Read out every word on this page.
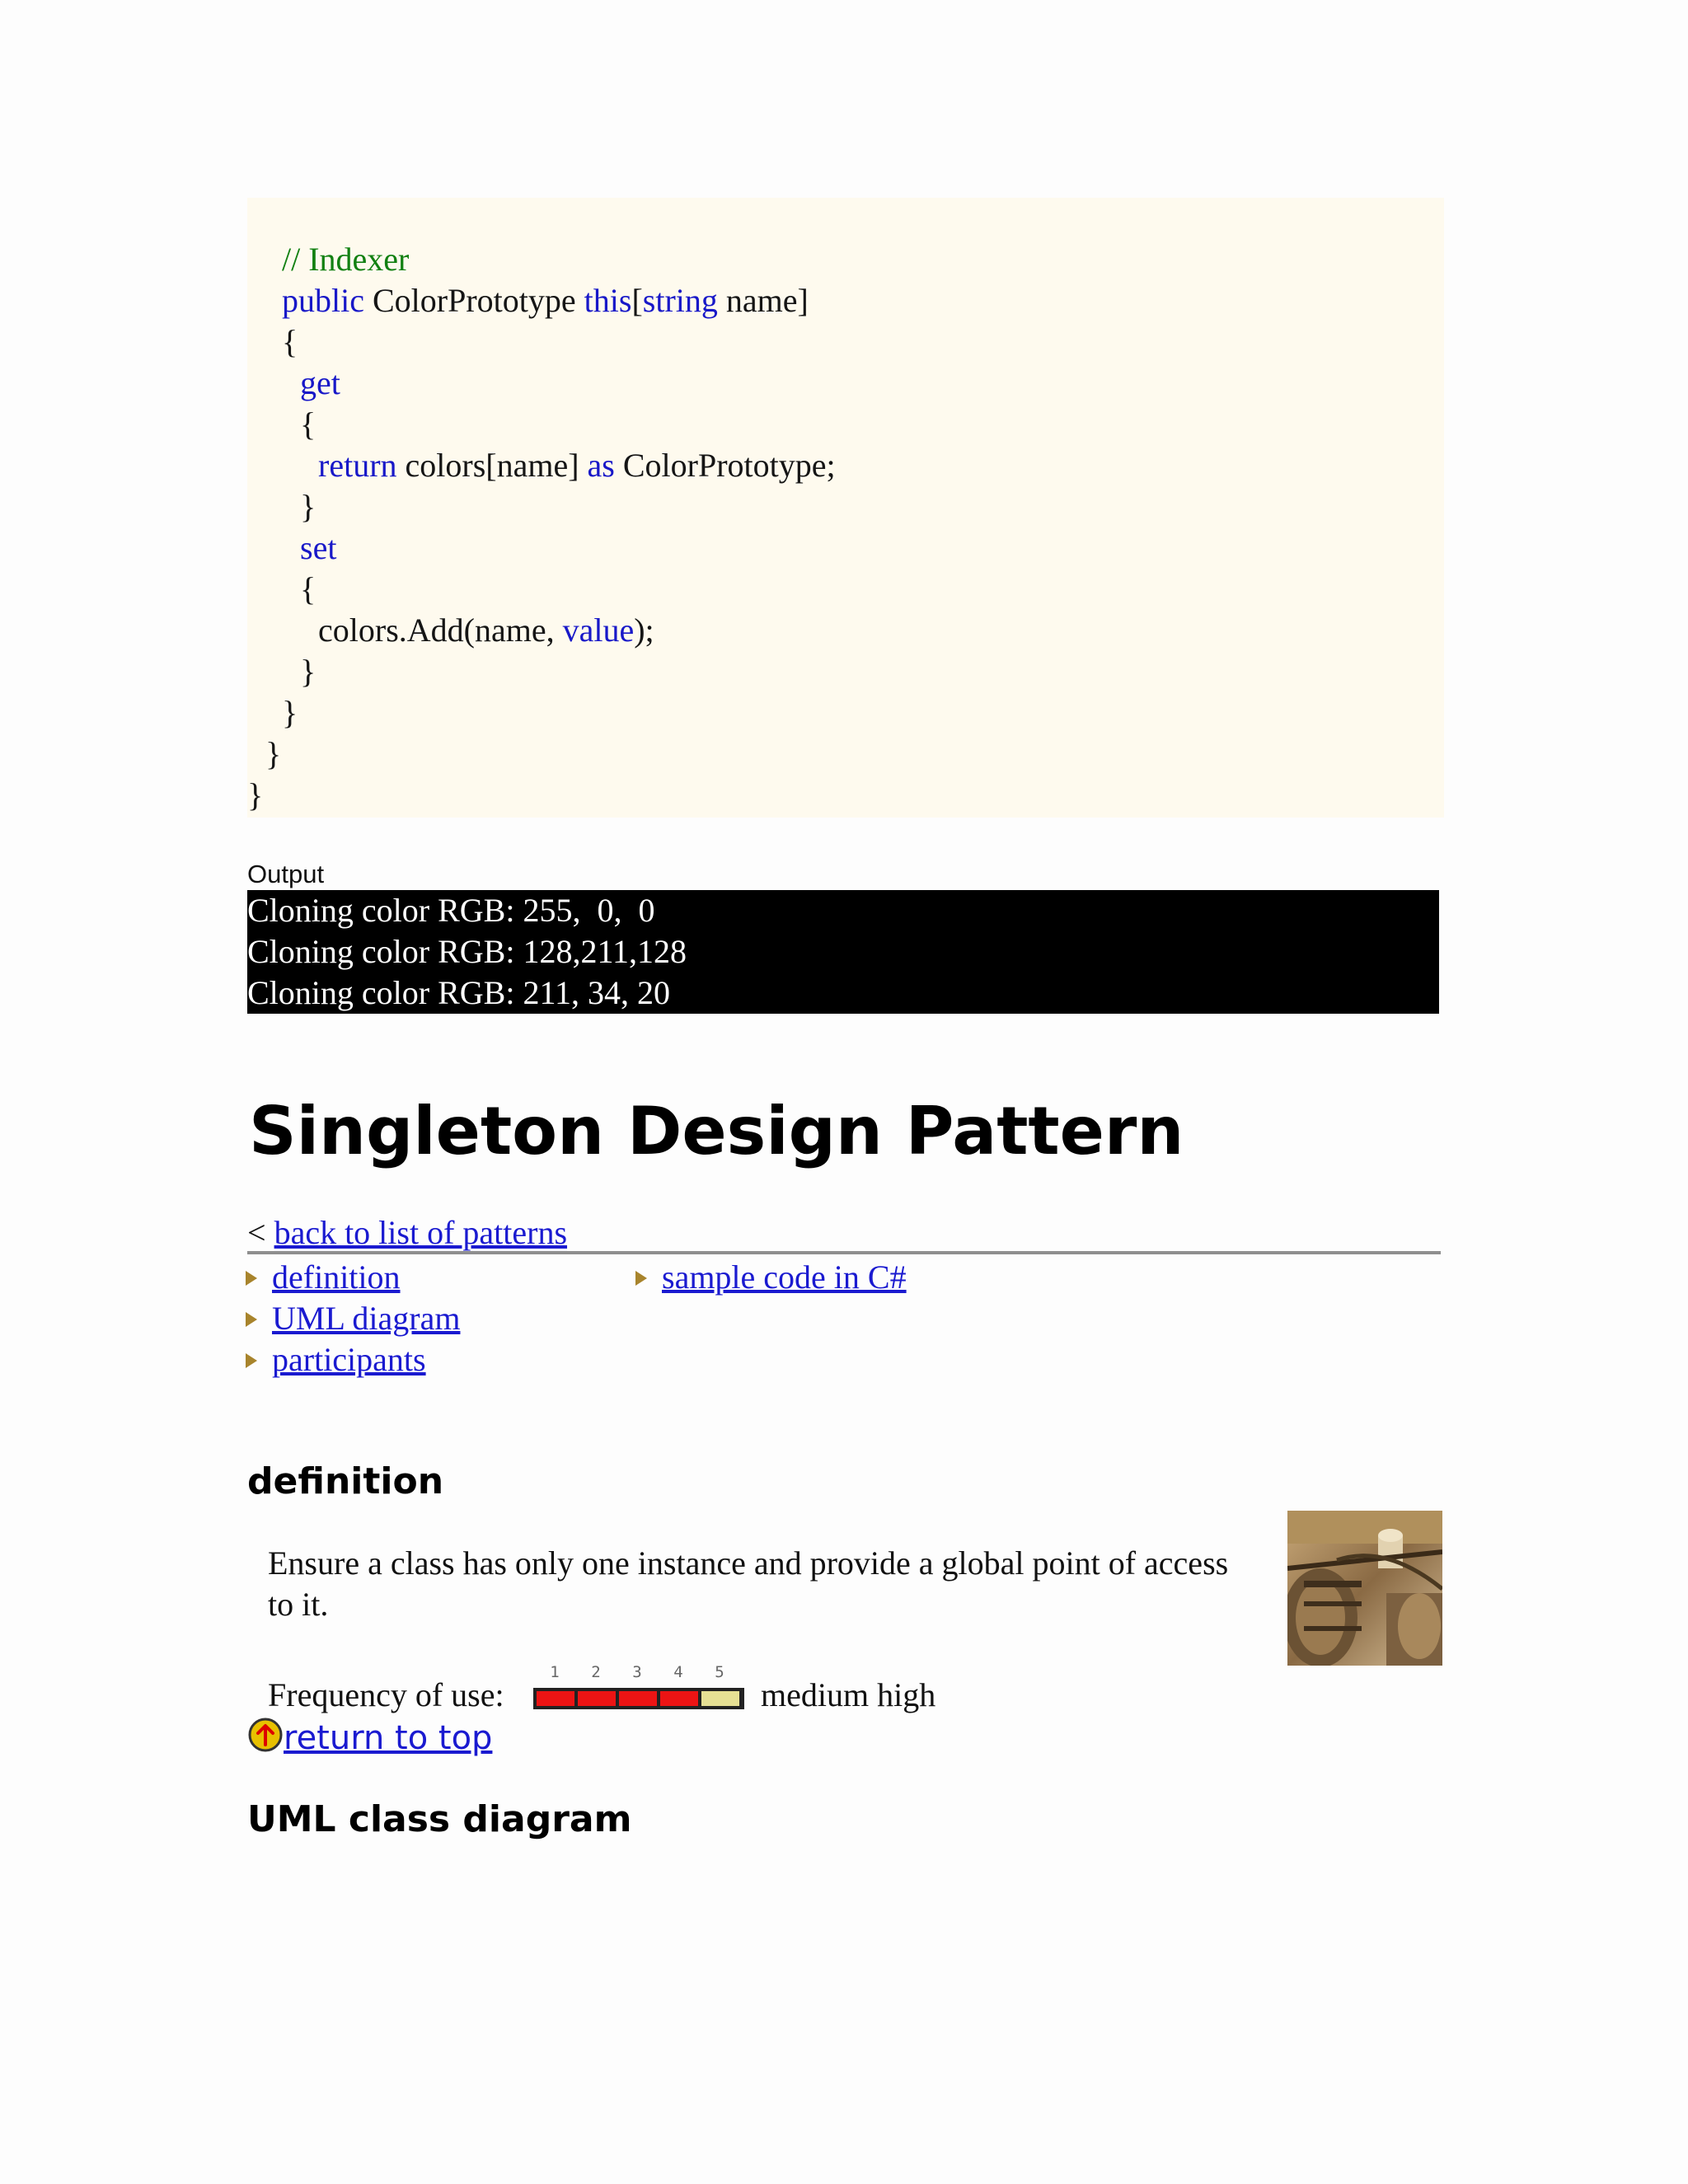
// Indexer
public ColorPrototype this[string name]
{
get
{
return colors[name] as ColorPrototype;
}
set
{
colors.Add(name, value);
}
}
}
}
Output
Cloning color RGB: 255,  0,  0
Cloning color RGB: 128,211,128
Cloning color RGB: 211, 34, 20
Singleton Design Pattern
< back to list of patterns
definition
UML diagram
participants
sample code in C#
definition
Ensure a class has only one instance and provide a global point of access to it.
Frequency of use:
1 2 3 4 5
medium high
return to top
UML class diagram
